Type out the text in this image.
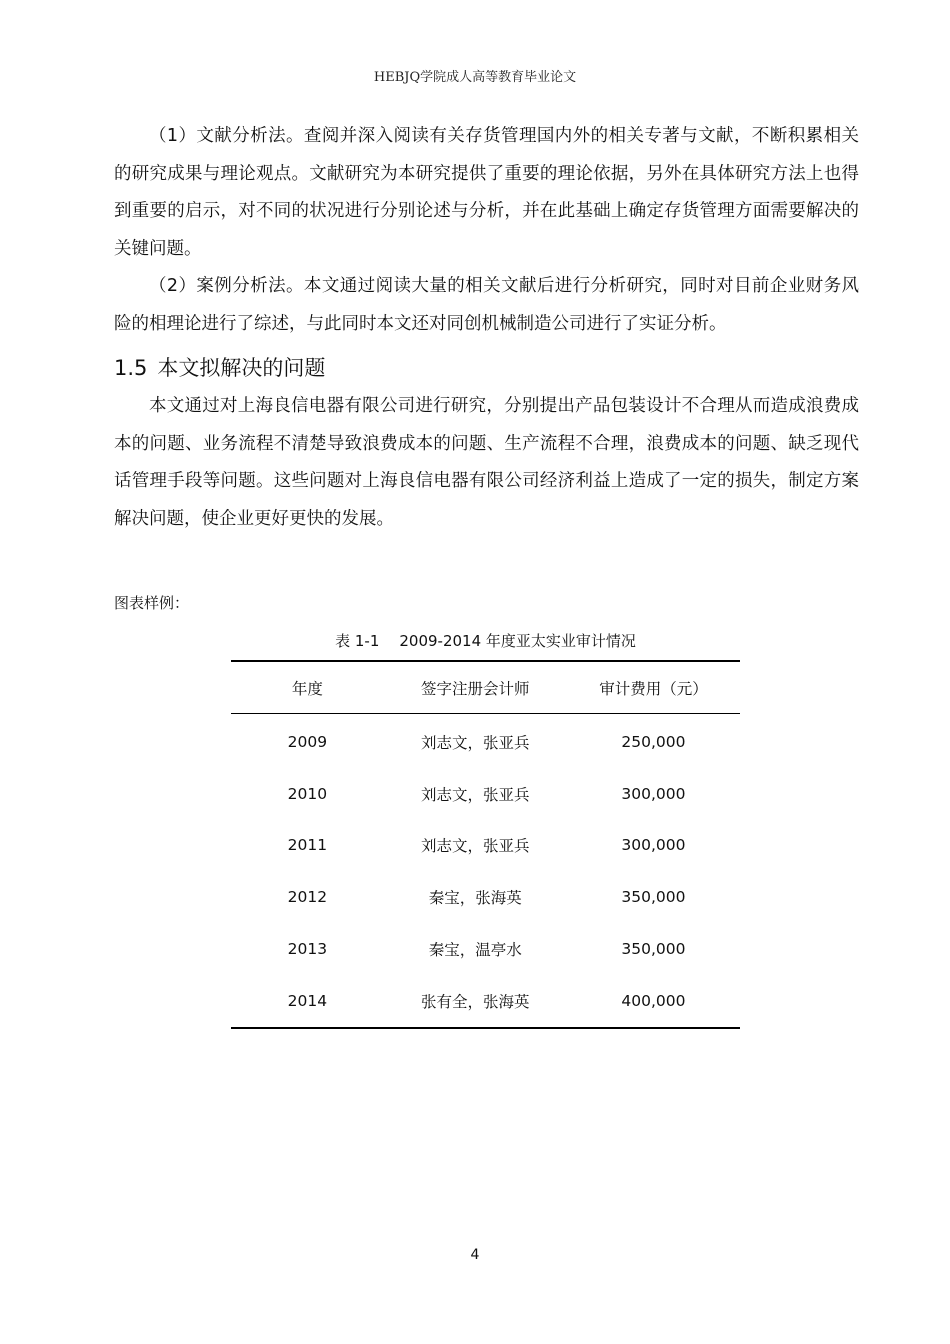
HEBJQ学院成人高等教育毕业论文

（1）文献分析法。查阅并深入阅读有关存货管理国内外的相关专著与文献，不断积累相关的研究成果与理论观点。文献研究为本研究提供了重要的理论依据，另外在具体研究方法上也得到重要的启示，对不同的状况进行分别论述与分析，并在此基础上确定存货管理方面需要解决的关键问题。

（2）案例分析法。本文通过阅读大量的相关文献后进行分析研究，同时对目前企业财务风险的相理论进行了综述，与此同时本文还对同创机械制造公司进行了实证分析。

1.5 本文拟解决的问题

本文通过对上海良信电器有限公司进行研究，分别提出产品包装设计不合理从而造成浪费成本的问题、业务流程不清楚导致浪费成本的问题、生产流程不合理，浪费成本的问题、缺乏现代话管理手段等问题。这些问题对上海良信电器有限公司经济利益上造成了一定的损失，制定方案解决问题，使企业更好更快的发展。

图表样例：
表 1-1 2009-2014 年度亚太实业审计情况
年度	签字注册会计师	审计费用（元）
2009	刘志文，张亚兵	250,000
2010	刘志文，张亚兵	300,000
2011	刘志文，张亚兵	300,000
2012	秦宝，张海英	350,000
2013	秦宝，温亭水	350,000
2014	张有全，张海英	400,000
4
